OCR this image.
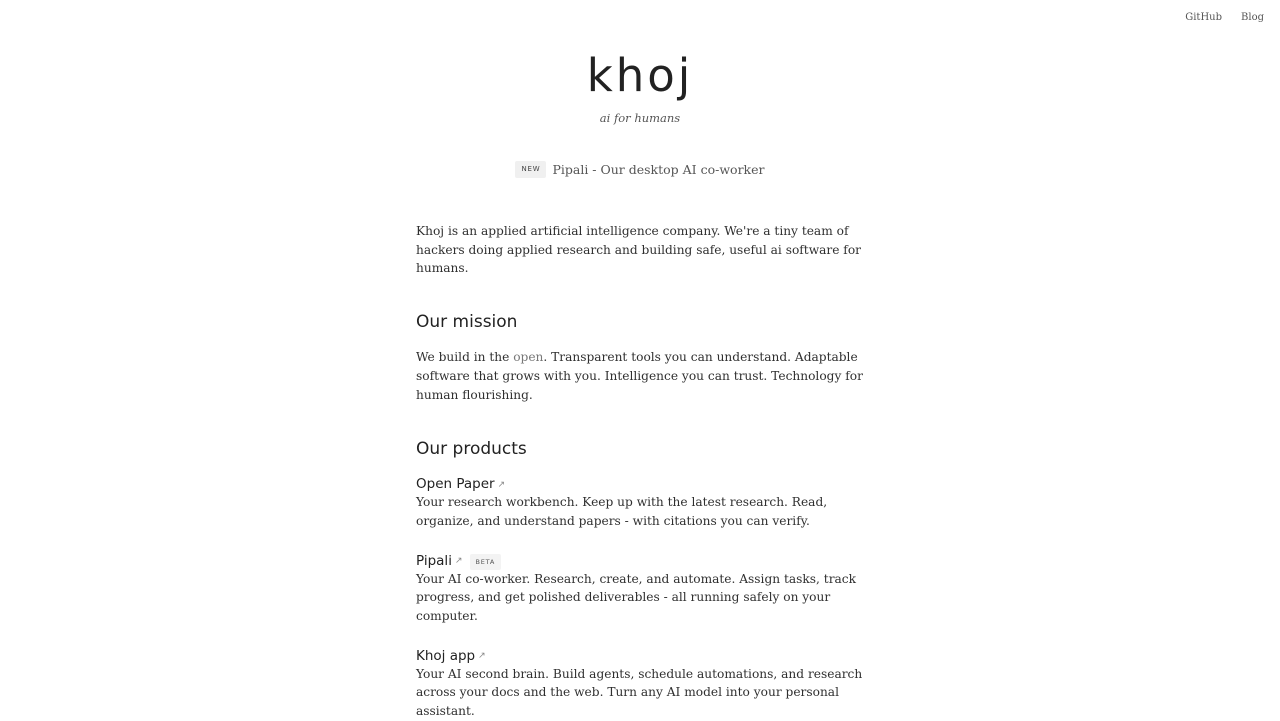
GitHub Blog
khoj
ai for humans
NEW Pipali - Our desktop AI co-worker

Khoj is an applied artificial intelligence company. We're a tiny team of hackers doing applied research and building safe, useful ai software for humans.

Our mission

We build in the open. Transparent tools you can understand. Adaptable software that grows with you. Intelligence you can trust. Technology for human flourishing.

Our products
Open Paper ↗

Your research workbench. Keep up with the latest research. Read, organize, and understand papers - with citations you can verify.

Pipali ↗	BETA

Your AI co-worker. Research, create, and automate. Assign tasks, track progress, and get polished deliverables - all running safely on your computer.

Khoj app ↗

Your AI second brain. Build agents, schedule automations, and research across your docs and the web. Turn any AI model into your personal assistant.
